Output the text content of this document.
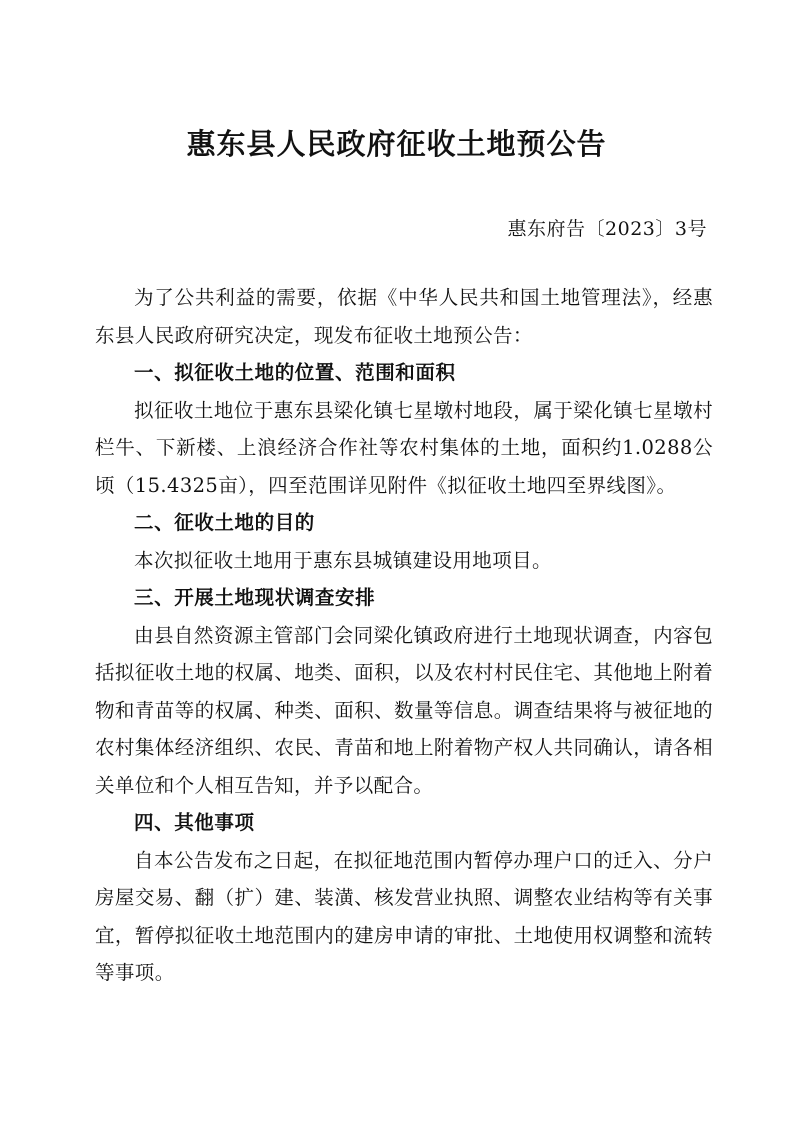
惠东县人民政府征收土地预公告
惠东府告〔2023〕3号

为了公共利益的需要，依据《中华人民共和国土地管理法》，经惠东县人民政府研究决定，现发布征收土地预公告：

一、拟征收土地的位置、范围和面积

拟征收土地位于惠东县梁化镇七星墩村地段，属于梁化镇七星墩村栏牛、下新楼、上浪经济合作社等农村集体的土地，面积约1.0288公顷（15.4325亩），四至范围详见附件《拟征收土地四至界线图》。

二、征收土地的目的

本次拟征收土地用于惠东县城镇建设用地项目。

三、开展土地现状调查安排

由县自然资源主管部门会同梁化镇政府进行土地现状调查，内容包括拟征收土地的权属、地类、面积，以及农村村民住宅、其他地上附着物和青苗等的权属、种类、面积、数量等信息。调查结果将与被征地的农村集体经济组织、农民、青苗和地上附着物产权人共同确认，请各相关单位和个人相互告知，并予以配合。

四、其他事项

自本公告发布之日起，在拟征地范围内暂停办理户口的迁入、分户房屋交易、翻（扩）建、装潢、核发营业执照、调整农业结构等有关事宜，暂停拟征收土地范围内的建房申请的审批、土地使用权调整和流转等事项。
